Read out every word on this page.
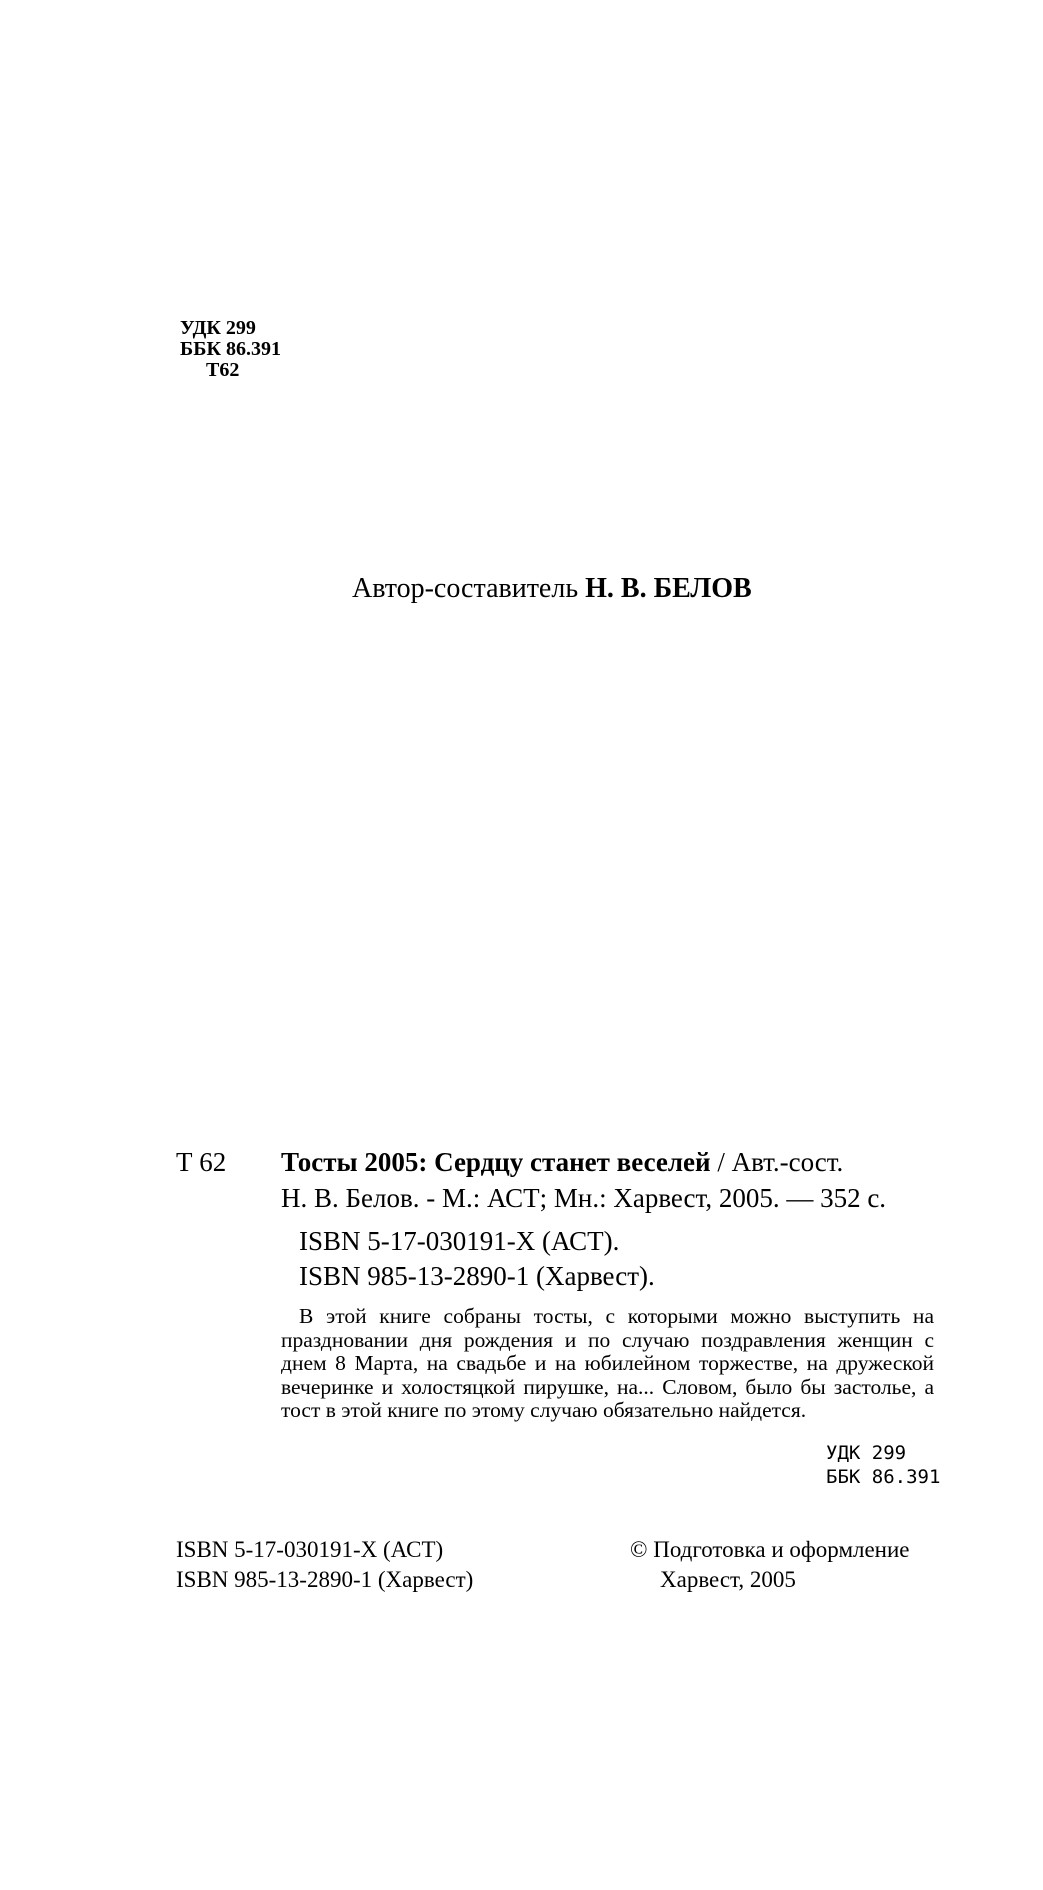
УДК 299
ББК 86.391
Т62
Автор-составитель Н. В. БЕЛОВ
Т 62 Тосты 2005: Сердцу станет веселей / Авт.-сост.
Н. В. Белов. - М.: АСТ; Мн.: Харвест, 2005. — 352 с.
ISBN 5-17-030191-X (АСТ).
ISBN 985-13-2890-1 (Харвест).
В этой книге собраны тосты, с которыми можно выступить на праздновании дня рождения и по случаю поздравления женщин с днем 8 Марта, на свадьбе и на юбилейном торжестве, на дружеской вечеринке и холостяцкой пирушке, на... Словом, было бы застолье, а тост в этой книге по этому случаю обязательно найдется.
УДК 299
ББК 86.391
ISBN 5-17-030191-X (АСТ)
ISBN 985-13-2890-1 (Харвест)
© Подготовка и оформление
Харвест, 2005
